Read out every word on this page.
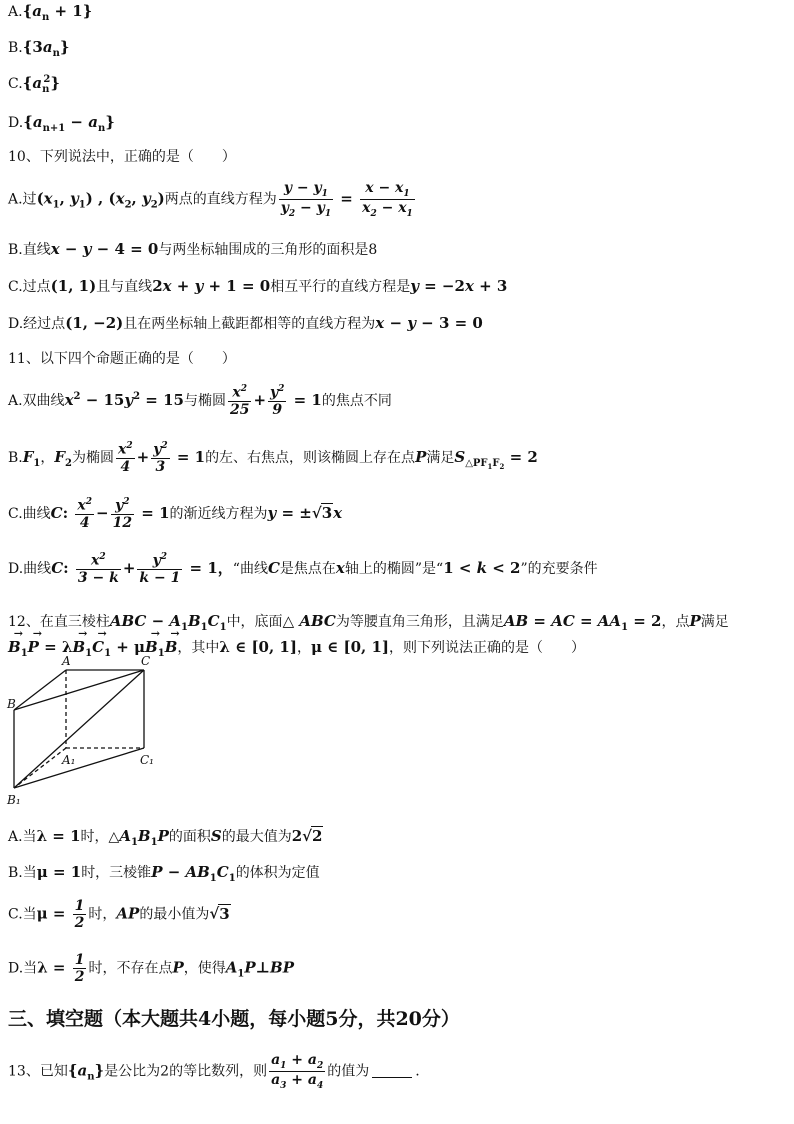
$A.\{a_n + 1\}$
$B.\{3a_n\}$
$C.\{a_n^2\}$
$D.\{a_{n+1} - a_n\}$
10、下列说法中，正确的是（　　）
A.过($x_1$, $y_1$) , ($x_2$, $y_2$)两点的直线方程为 $\frac{y - y_1}{y_2 - y_1} = \frac{x - x_1}{x_2 - x_1}$
B.直线x − y − 4 = 0与两坐标轴围成的三角形的面积是8
C.过点(1, 1)且与直线2x + y + 1 = 0相互平行的直线方程是y = −2x + 3
D.经过点(1, −2)且在两坐标轴上截距都相等的直线方程为x − y − 3 = 0
11、以下四个命题正确的是（　　）
A.双曲线$x^2 - 15y^2 = 15$与椭圆 $\frac{x^2}{25} + \frac{y^2}{9} = 1$的焦点不同
$B.F_1$，$F_2$为椭圆 $\frac{x^2}{4} + \frac{y^2}{3} = 1$的左、右焦点，则该椭圆上存在点P满足$S_{\triangle PF_1F_2} = 2$
C.曲线C: $\frac{x^2}{4} - \frac{y^2}{12} = 1$的渐近线方程为y = ±√3x
D.曲线C: $\frac{x^2}{3 - k} + \frac{y^2}{k - 1} = 1$，“曲线C是焦点在x轴上的椭圆”是“1 < k < 2”的充要条件
12、在直三棱柱ABC − $A_1B_1C_1$中，底面△ ABC为等腰直角三角形，且满足AB = AC = $AA_1 = 2$，点P满足
→ $B_1\to P = \lambda\to B_1\to C_1 + \mu\to B_1\to B$，其中λ ∈ [0, 1]，μ ∈ [0, 1]，则下列说法正确的是（　　）
A	C
B
A₁	C₁
B₁
A.当λ = 1时，$\triangle A_1B_1P$的面积S的最大值为2√2
B.当μ = 1时，三棱锥$P - AB_1C_1$的体积为定值
C.当$\mu = \frac{1}{2}$ 时，AP的最小值为√3
D.当$\lambda = \frac{1}{2}$ 时，不存在点P，使得$A_1P\perp BP$
三、填空题（本大题共4小题，每小题5分，共20分）
13、已知$\{a_n\}$是公比为2的等比数列，则 $\frac{a_1 + a_2}{a_3 + a_4}$ 的值为	.
